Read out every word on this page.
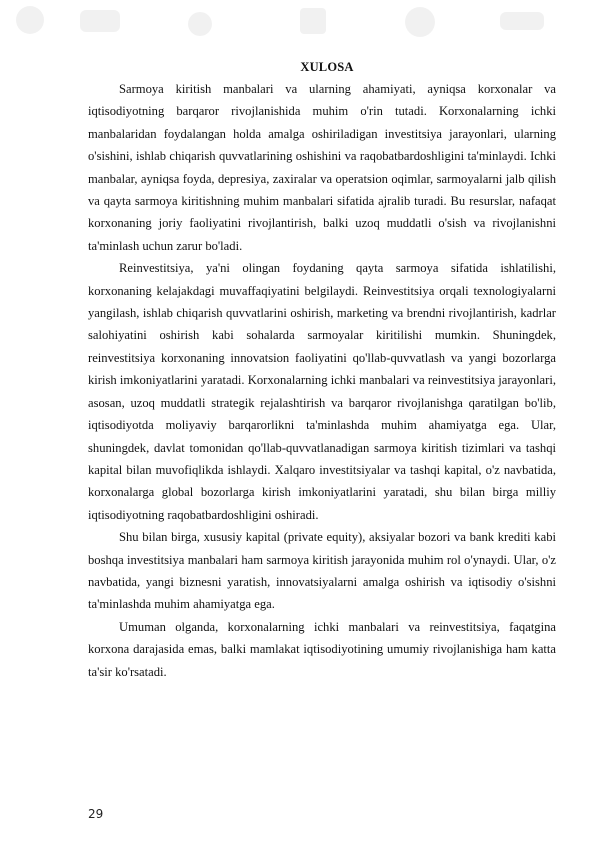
XULOSA

Sarmoya kiritish manbalari va ularning ahamiyati, ayniqsa korxonalar va iqtisodiyotning barqaror rivojlanishida muhim o'rin tutadi. Korxonalarning ichki manbalaridan foydalangan holda amalga oshiriladigan investitsiya jarayonlari, ularning o'sishini, ishlab chiqarish quvvatlarining oshishini va raqobatbardoshligini ta'minlaydi. Ichki manbalar, ayniqsa foyda, depresiya, zaxiralar va operatsion oqimlar, sarmoyalarni jalb qilish va qayta sarmoya kiritishning muhim manbalari sifatida ajralib turadi. Bu resurslar, nafaqat korxonaning joriy faoliyatini rivojlantirish, balki uzoq muddatli o'sish va rivojlanishni ta'minlash uchun zarur bo'ladi.

Reinvestitsiya, ya'ni olingan foydaning qayta sarmoya sifatida ishlatilishi, korxonaning kelajakdagi muvaffaqiyatini belgilaydi. Reinvestitsiya orqali texnologiyalarni yangilash, ishlab chiqarish quvvatlarini oshirish, marketing va brendni rivojlantirish, kadrlar salohiyatini oshirish kabi sohalarda sarmoyalar kiritilishi mumkin. Shuningdek, reinvestitsiya korxonaning innovatsion faoliyatini qo'llab-quvvatlash va yangi bozorlarga kirish imkoniyatlarini yaratadi. Korxonalarning ichki manbalari va reinvestitsiya jarayonlari, asosan, uzoq muddatli strategik rejalashtirish va barqaror rivojlanishga qaratilgan bo'lib, iqtisodiyotda moliyaviy barqarorlikni ta'minlashda muhim ahamiyatga ega. Ular, shuningdek, davlat tomonidan qo'llab-quvvatlanadigan sarmoya kiritish tizimlari va tashqi kapital bilan muvofiqlikda ishlaydi. Xalqaro investitsiyalar va tashqi kapital, o'z navbatida, korxonalarga global bozorlarga kirish imkoniyatlarini yaratadi, shu bilan birga milliy iqtisodiyotning raqobatbardoshligini oshiradi.

Shu bilan birga, xususiy kapital (private equity), aksiyalar bozori va bank krediti kabi boshqa investitsiya manbalari ham sarmoya kiritish jarayonida muhim rol o'ynaydi. Ular, o'z navbatida, yangi biznesni yaratish, innovatsiyalarni amalga oshirish va iqtisodiy o'sishni ta'minlashda muhim ahamiyatga ega.

Umuman olganda, korxonalarning ichki manbalari va reinvestitsiya, faqatgina korxona darajasida emas, balki mamlakat iqtisodiyotining umumiy rivojlanishiga ham katta ta'sir ko'rsatadi.

29
